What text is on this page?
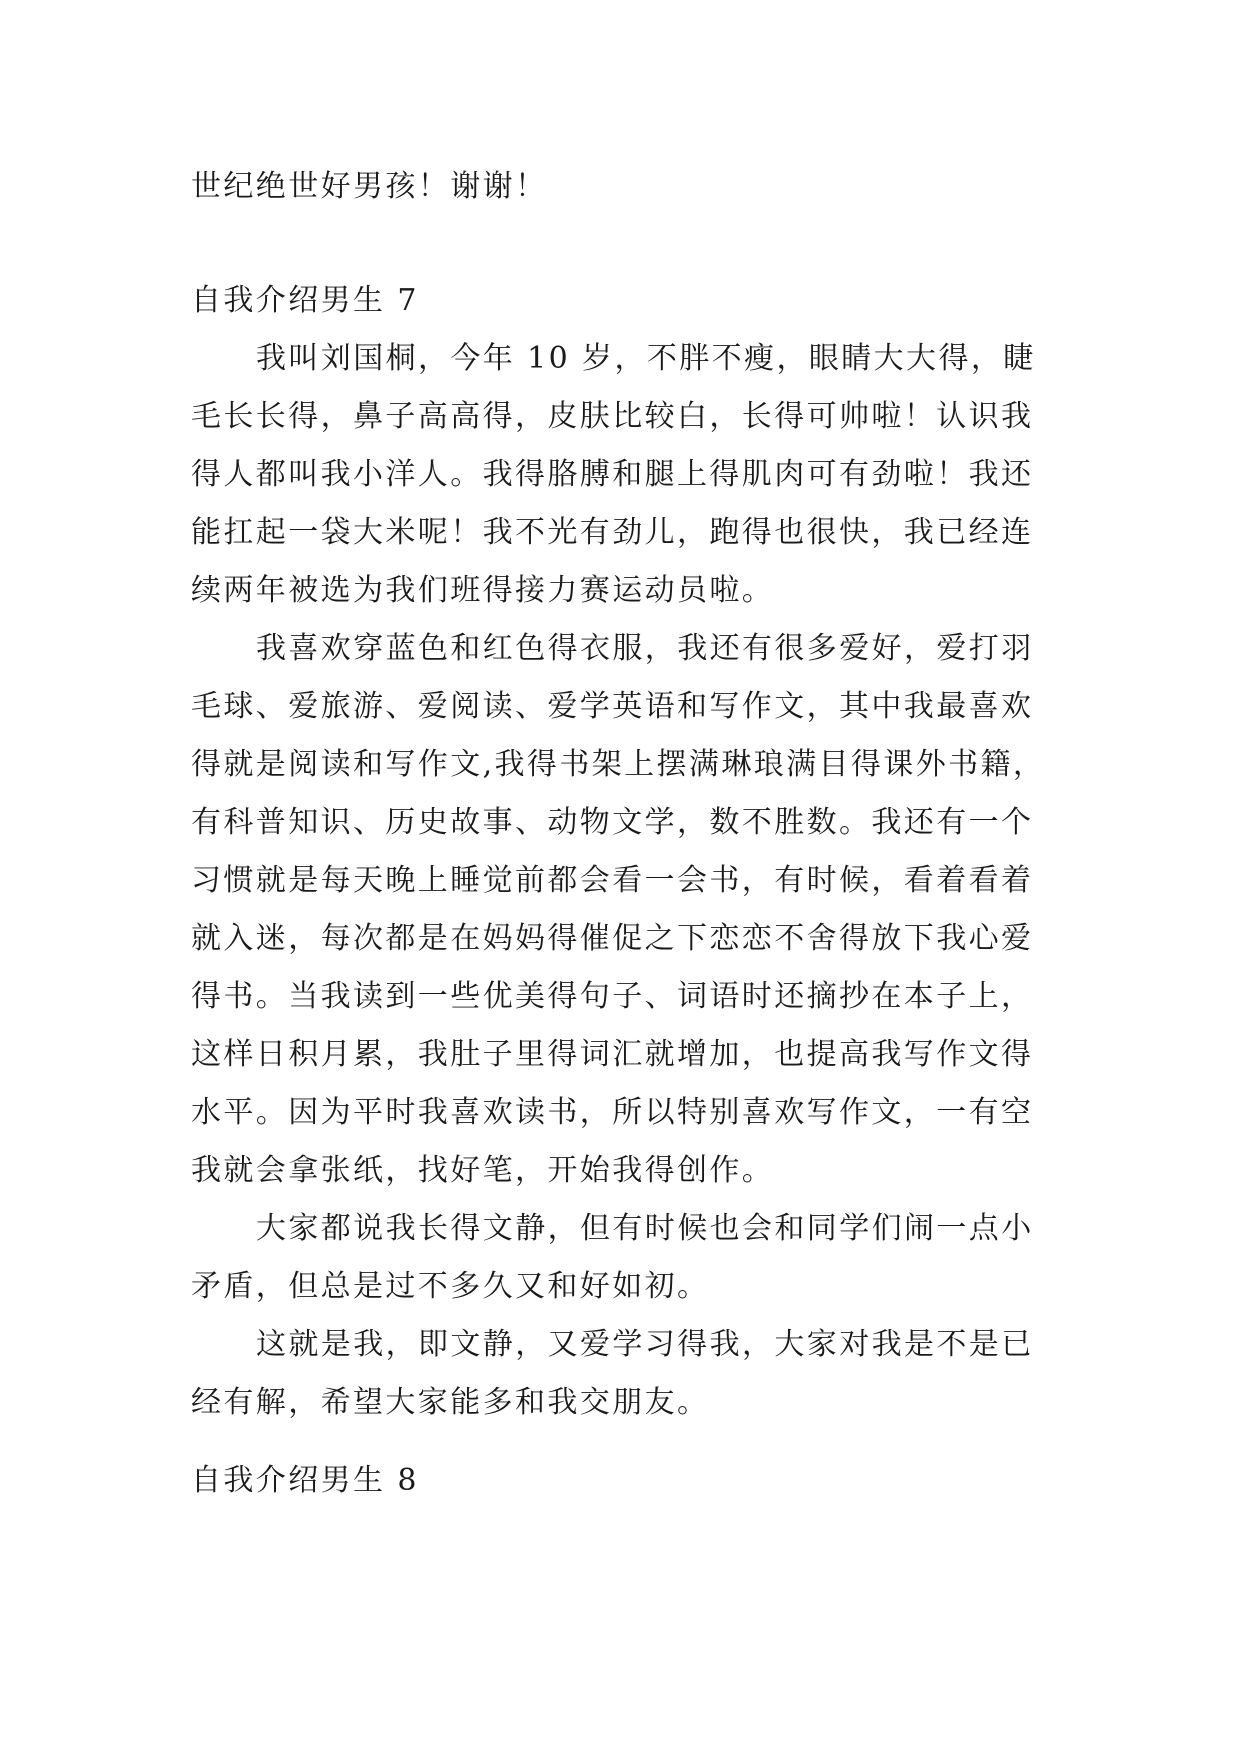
世纪绝世好男孩！谢谢！
自我介绍男生 7
我叫刘国桐，今年 10 岁，不胖不瘦，眼睛大大得，睫
毛长长得，鼻子高高得，皮肤比较白，长得可帅啦！认识我
得人都叫我小洋人。我得胳膊和腿上得肌肉可有劲啦！我还
能扛起一袋大米呢！我不光有劲儿，跑得也很快，我已经连
续两年被选为我们班得接力赛运动员啦。
我喜欢穿蓝色和红色得衣服，我还有很多爱好，爱打羽
毛球、爱旅游、爱阅读、爱学英语和写作文，其中我最喜欢
得就是阅读和写作文,我得书架上摆满琳琅满目得课外书籍，
有科普知识、历史故事、动物文学，数不胜数。我还有一个
习惯就是每天晚上睡觉前都会看一会书，有时候，看着看着
就入迷，每次都是在妈妈得催促之下恋恋不舍得放下我心爱
得书。当我读到一些优美得句子、词语时还摘抄在本子上，
这样日积月累，我肚子里得词汇就增加，也提高我写作文得
水平。因为平时我喜欢读书，所以特别喜欢写作文，一有空
我就会拿张纸，找好笔，开始我得创作。
大家都说我长得文静，但有时候也会和同学们闹一点小
矛盾，但总是过不多久又和好如初。
这就是我，即文静，又爱学习得我，大家对我是不是已
经有解，希望大家能多和我交朋友。
自我介绍男生 8
